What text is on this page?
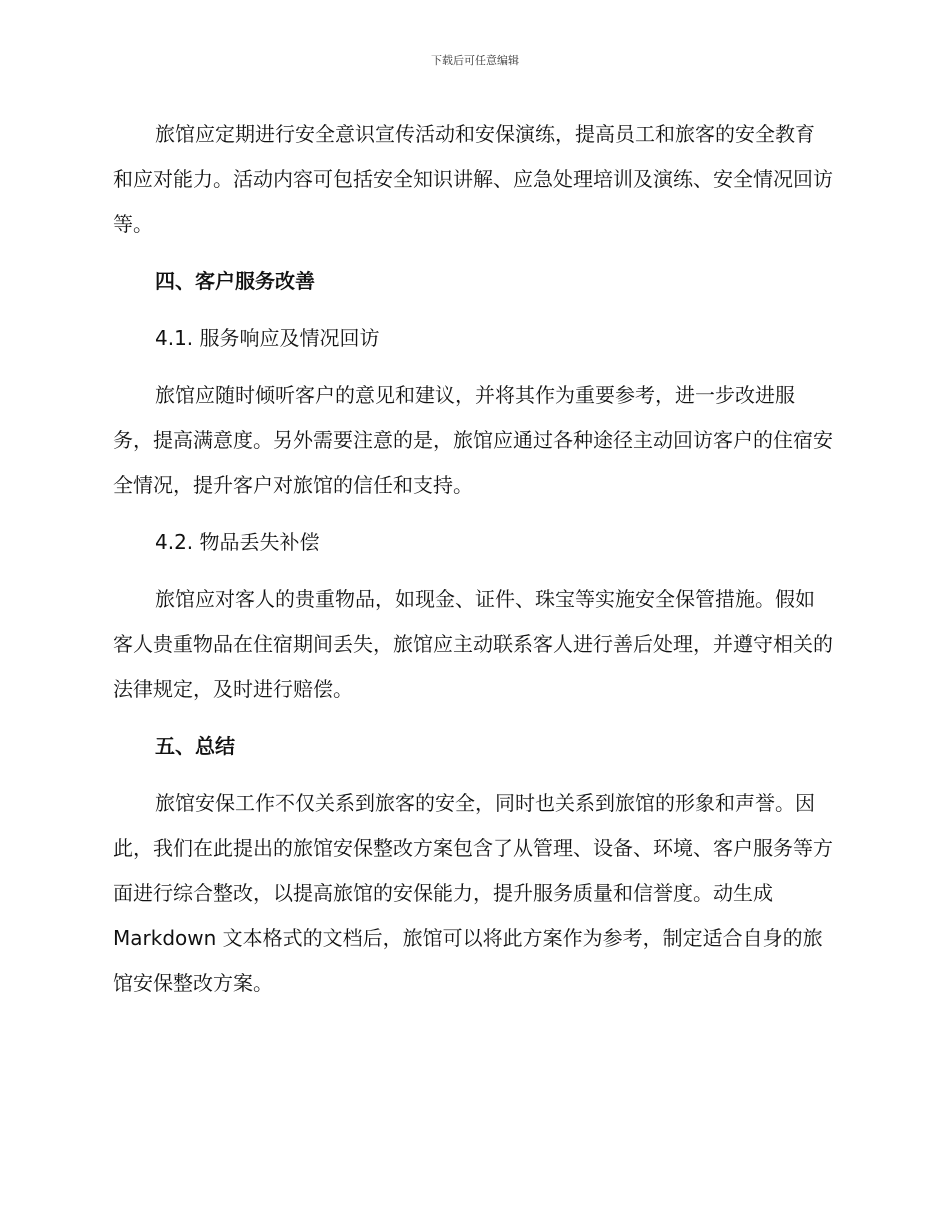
下载后可任意编辑

旅馆应定期进行安全意识宣传活动和安保演练，提高员工和旅客的安全教育和应对能力。活动内容可包括安全知识讲解、应急处理培训及演练、安全情况回访等。

四、客户服务改善
4.1. 服务响应及情况回访

旅馆应随时倾听客户的意见和建议，并将其作为重要参考，进一步改进服务，提高满意度。另外需要注意的是，旅馆应通过各种途径主动回访客户的住宿安全情况，提升客户对旅馆的信任和支持。

4.2. 物品丢失补偿

旅馆应对客人的贵重物品，如现金、证件、珠宝等实施安全保管措施。假如客人贵重物品在住宿期间丢失，旅馆应主动联系客人进行善后处理，并遵守相关的法律规定，及时进行赔偿。

五、总结

旅馆安保工作不仅关系到旅客的安全，同时也关系到旅馆的形象和声誉。因此，我们在此提出的旅馆安保整改方案包含了从管理、设备、环境、客户服务等方面进行综合整改，以提高旅馆的安保能力，提升服务质量和信誉度。动生成 Markdown 文本格式的文档后，旅馆可以将此方案作为参考，制定适合自身的旅馆安保整改方案。
